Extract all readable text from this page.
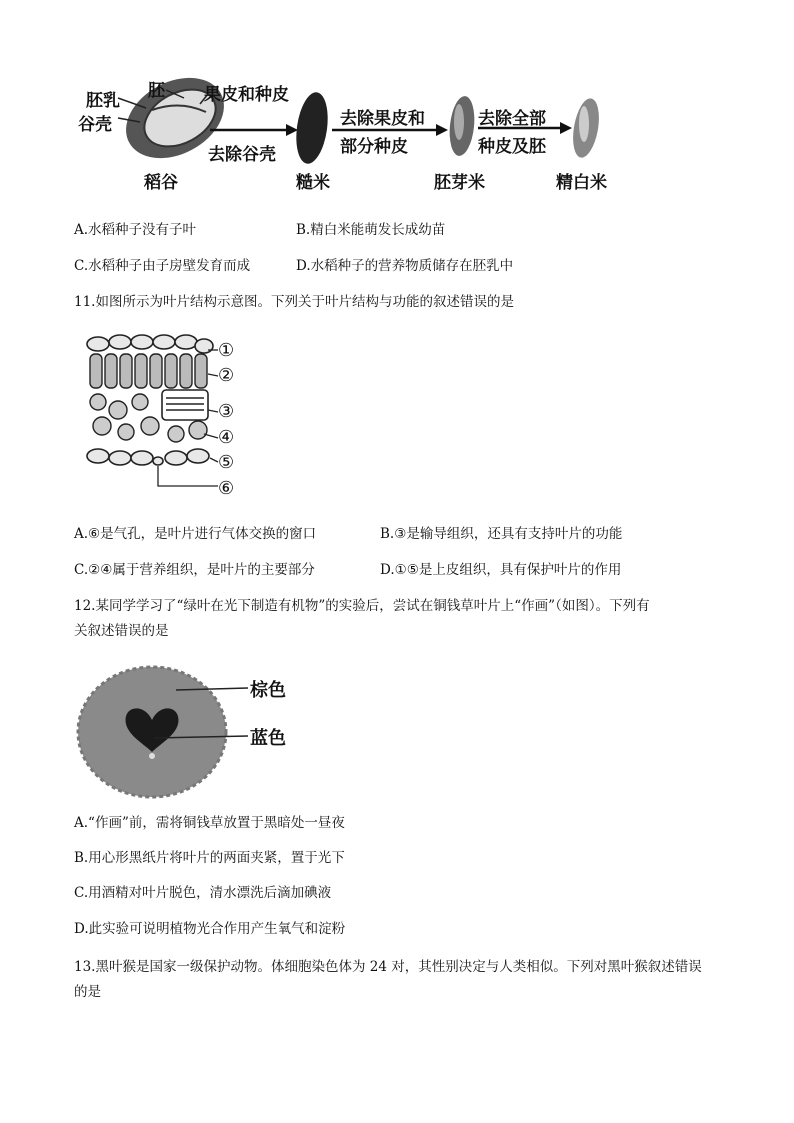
胚
胚乳
谷壳
果皮和种皮
稻谷
去除谷壳
糙米
去除果皮和
部分种皮
胚芽米
去除全部
种皮及胚
精白米
A.水稻种子没有子叶	B.精白米能萌发长成幼苗
C.水稻种子由子房壁发育而成	D.水稻种子的营养物质储存在胚乳中
11.如图所示为叶片结构示意图。下列关于叶片结构与功能的叙述错误的是
①
②
③
④
⑤
⑥
A.⑥是气孔，是叶片进行气体交换的窗口	B.③是输导组织，还具有支持叶片的功能
C.②④属于营养组织，是叶片的主要部分	D.①⑤是上皮组织，具有保护叶片的作用
12.某同学学习了“绿叶在光下制造有机物”的实验后，尝试在铜钱草叶片上“作画”（如图）。下列有
关叙述错误的是
棕色
蓝色
A.“作画”前，需将铜钱草放置于黑暗处一昼夜
B.用心形黑纸片将叶片的两面夹紧，置于光下
C.用酒精对叶片脱色，清水漂洗后滴加碘液
D.此实验可说明植物光合作用产生氧气和淀粉
13.黑叶猴是国家一级保护动物。体细胞染色体为 24 对，其性别决定与人类相似。下列对黑叶猴叙述错误
的是
